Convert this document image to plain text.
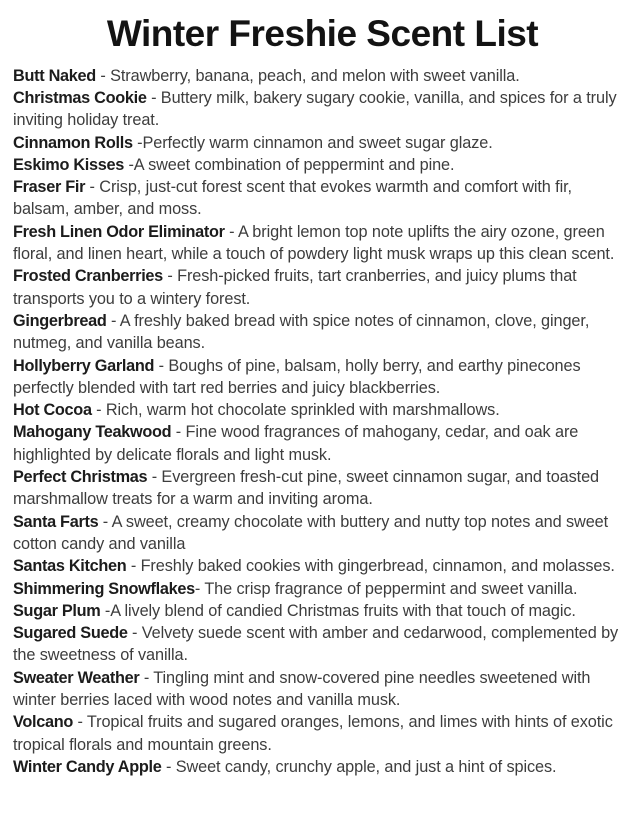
Winter Freshie Scent List

Butt Naked - Strawberry, banana, peach, and melon with sweet vanilla.

Christmas Cookie - Buttery milk, bakery sugary cookie, vanilla, and spices for a truly inviting holiday treat.

Cinnamon Rolls -Perfectly warm cinnamon and sweet sugar glaze.

Eskimo Kisses -A sweet combination of peppermint and pine.

Fraser Fir - Crisp, just-cut forest scent that evokes warmth and comfort with fir, balsam, amber, and moss.

Fresh Linen Odor Eliminator - A bright lemon top note uplifts the airy ozone, green floral, and linen heart, while a touch of powdery light musk wraps up this clean scent.

Frosted Cranberries - Fresh-picked fruits, tart cranberries, and juicy plums that transports you to a wintery forest.

Gingerbread - A freshly baked bread with spice notes of cinnamon, clove, ginger, nutmeg, and vanilla beans.

Hollyberry Garland - Boughs of pine, balsam, holly berry, and earthy pinecones perfectly blended with tart red berries and juicy blackberries.

Hot Cocoa - Rich, warm hot chocolate sprinkled with marshmallows.

Mahogany Teakwood - Fine wood fragrances of mahogany, cedar, and oak are highlighted by delicate florals and light musk.

Perfect Christmas - Evergreen fresh-cut pine, sweet cinnamon sugar, and toasted marshmallow treats for a warm and inviting aroma.

Santa Farts - A sweet, creamy chocolate with buttery and nutty top notes and sweet cotton candy and vanilla

Santas Kitchen - Freshly baked cookies with gingerbread, cinnamon, and molasses.

Shimmering Snowflakes- The crisp fragrance of peppermint and sweet vanilla.

Sugar Plum -A lively blend of candied Christmas fruits with that touch of magic.

Sugared Suede - Velvety suede scent with amber and cedarwood, complemented by the sweetness of vanilla.

Sweater Weather - Tingling mint and snow-covered pine needles sweetened with winter berries laced with wood notes and vanilla musk.

Volcano - Tropical fruits and sugared oranges, lemons, and limes with hints of exotic tropical florals and mountain greens.

Winter Candy Apple - Sweet candy, crunchy apple, and just a hint of spices.
